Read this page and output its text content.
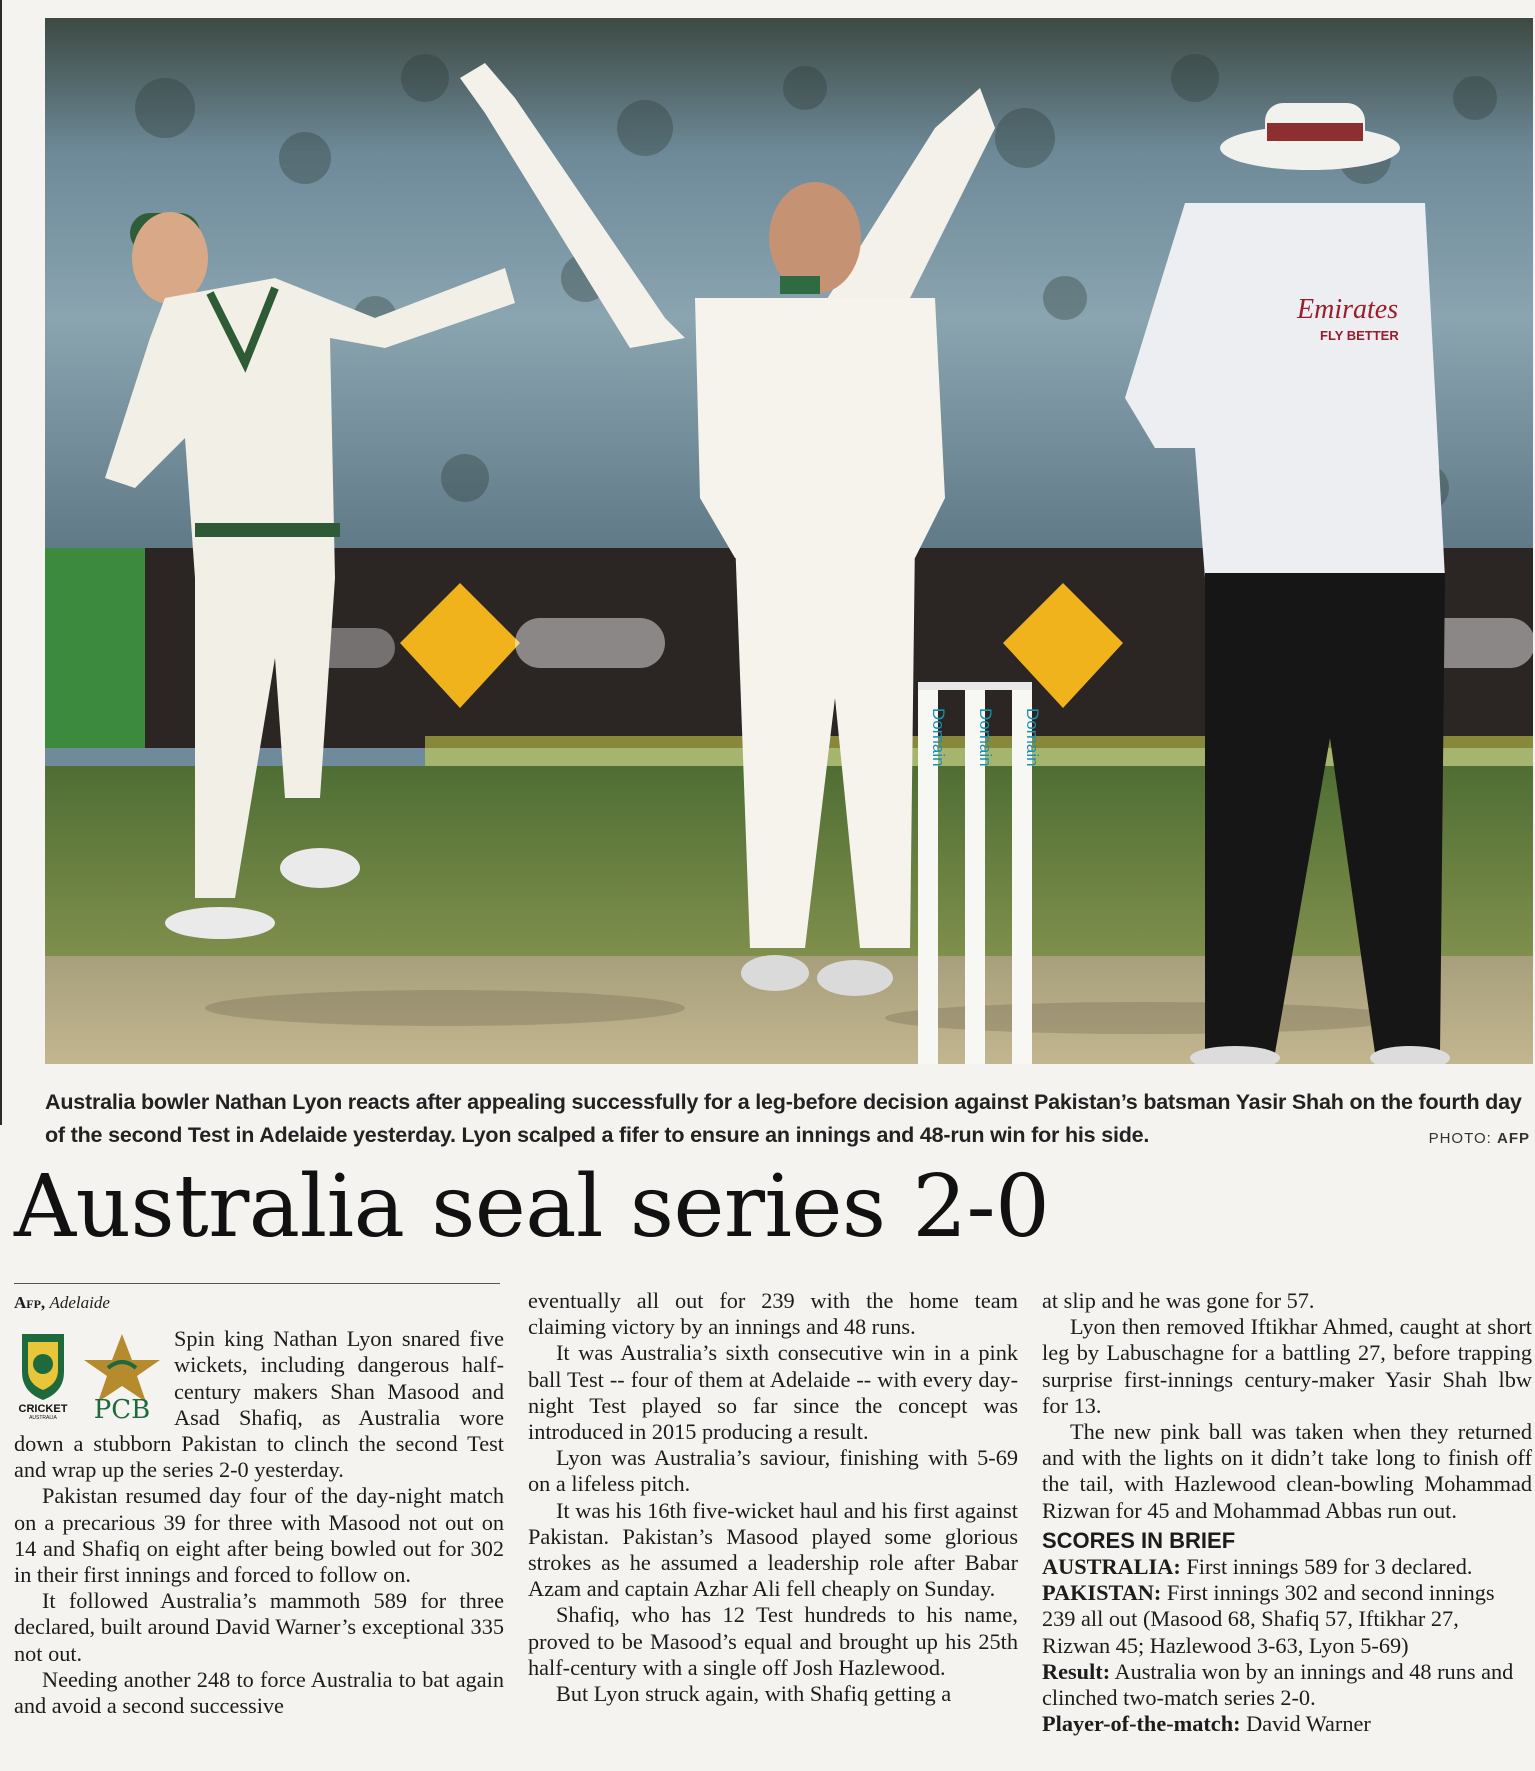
Domain Domain Domain
Emirates
FLY BETTER
Australia bowler Nathan Lyon reacts after appealing successfully for a leg-before decision against Pakistan’s batsman Yasir Shah on the fourth day of the second Test in Adelaide yesterday. Lyon scalped a fifer to ensure an innings and 48-run win for his side.	PHOTO: AFP
Australia seal series 2-0
Afp, Adelaide
CRICKET
AUSTRALIA PCB

Spin king Nathan Lyon snared five wickets, including dangerous half-century makers Shan Masood and Asad Shafiq, as Australia wore down a stubborn Pakistan to clinch the second Test and wrap up the series 2-0 yesterday.

Pakistan resumed day four of the day-night match on a precarious 39 for three with Masood not out on 14 and Shafiq on eight after being bowled out for 302 in their first innings and forced to follow on.

It followed Australia’s mammoth 589 for three declared, built around David Warner’s exceptional 335 not out.

Needing another 248 to force Australia to bat again and avoid a second successive

eventually all out for 239 with the home team claiming victory by an innings and 48 runs.

It was Australia’s sixth consecutive win in a pink ball Test -- four of them at Adelaide -- with every day-night Test played so far since the concept was introduced in 2015 producing a result.

Lyon was Australia’s saviour, finishing with 5-69 on a lifeless pitch.

It was his 16th five-wicket haul and his first against Pakistan. Pakistan’s Masood played some glorious strokes as he assumed a leadership role after Babar Azam and captain Azhar Ali fell cheaply on Sunday.

Shafiq, who has 12 Test hundreds to his name, proved to be Masood’s equal and brought up his 25th half-century with a single off Josh Hazlewood.

But Lyon struck again, with Shafiq getting a

at slip and he was gone for 57.

Lyon then removed Iftikhar Ahmed, caught at short leg by Labuschagne for a battling 27, before trapping surprise first-innings century-maker Yasir Shah lbw for 13.

The new pink ball was taken when they returned and with the lights on it didn’t take long to finish off the tail, with Hazlewood clean-bowling Mohammad Rizwan for 45 and Mohammad Abbas run out.

SCORES IN BRIEF

AUSTRALIA: First innings 589 for 3 declared.

PAKISTAN: First innings 302 and second innings 239 all out (Masood 68, Shafiq 57, Iftikhar 27, Rizwan 45; Hazlewood 3-63, Lyon 5-69)

Result: Australia won by an innings and 48 runs and clinched two-match series 2-0.

Player-of-the-match: David Warner
